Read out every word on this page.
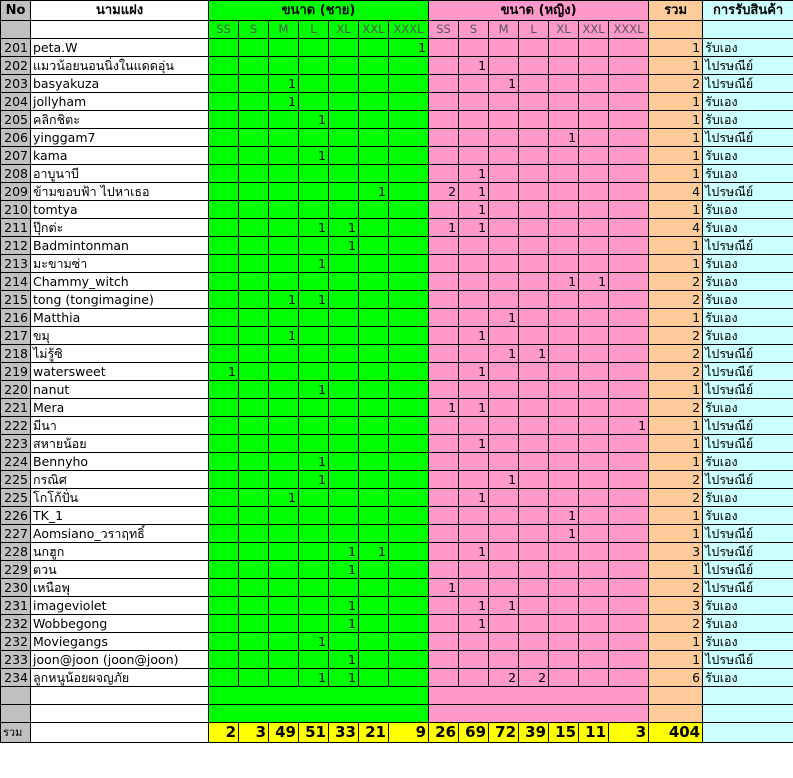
No	นามแฝง	ขนาด (ชาย)							ขนาด (หญิง)							รวม	การรับสินค้า
		SS	S	M	L	XL	XXL	XXXL	SS	S	M	L	XL	XXL	XXXL		
201	peta.W							1								1	รับเอง
202	แมวน้อยนอนนิ่งในแดดอุ่น									1						1	ไปรษณีย์
203	basyakuza			1							1					2	ไปรษณีย์
204	jollyham			1												1	รับเอง
205	คลิกชิตะ				1											1	รับเอง
206	yinggam7												1			1	ไปรษณีย์
207	kama				1											1	รับเอง
208	อาบูนาบี									1						1	รับเอง
209	ข้ามขอบฟ้า ไปหาเธอ						1		2	1						4	ไปรษณีย์
210	tomtya									1						1	รับเอง
211	ปุ๊กต่ะ				1	1			1	1						4	รับเอง
212	Badmintonman					1										1	ไปรษณีย์
213	มะขามซ่า				1											1	รับเอง
214	Chammy_witch												1	1		2	รับเอง
215	tong (tongimagine)			1	1											2	รับเอง
216	Matthia										1					1	รับเอง
217	ขมุ			1						1						2	รับเอง
218	ไม่รู้ซิ										1	1				2	ไปรษณีย์
219	watersweet	1								1						2	ไปรษณีย์
220	nanut				1											1	ไปรษณีย์
221	Mera								1	1						2	รับเอง
222	มีนา														1	1	ไปรษณีย์
223	สหายน้อย									1						1	ไปรษณีย์
224	Bennyho				1											1	รับเอง
225	กรณิศ				1						1					2	ไปรษณีย์
225	โกโก้ปั่น			1						1						2	รับเอง
226	TK_1												1			1	รับเอง
227	Aomsiano_วราฤทธิ์												1			1	ไปรษณีย์
228	นกฮูก					1	1			1						3	ไปรษณีย์
229	ตวน					1										1	ไปรษณีย์
230	เหนือพุ								1							2	ไปรษณีย์
231	imageviolet					1				1	1					3	รับเอง
232	Wobbegong					1				1						2	รับเอง
232	Moviegangs				1											1	รับเอง
233	joon@joon (joon@joon)					1										1	ไปรษณีย์
234	ลูกหนูน้อยผจญภัย				1	1					2	2				6	รับเอง

รวม		2	3	49	51	33	21	9	26	69	72	39	15	11	3	404	
